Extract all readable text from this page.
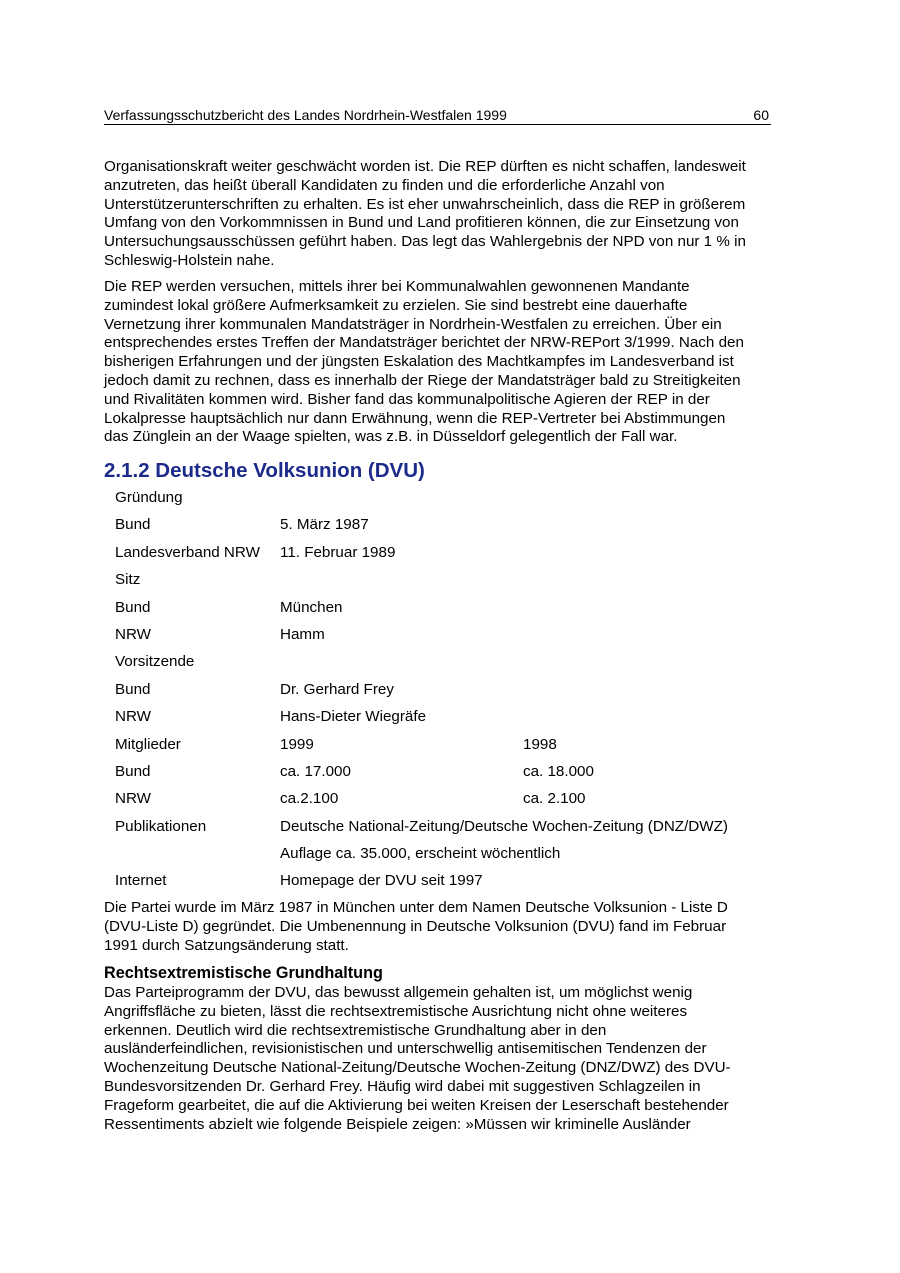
Verfassungsschutzbericht des Landes Nordrhein-Westfalen 1999	60
Organisationskraft weiter geschwächt worden ist. Die REP dürften es nicht schaffen, landesweit
anzutreten, das heißt überall Kandidaten zu finden und die erforderliche Anzahl von
Unterstützerunterschriften zu erhalten. Es ist eher unwahrscheinlich, dass die REP in größerem
Umfang von den Vorkommnissen in Bund und Land profitieren können, die zur Einsetzung von
Untersuchungsausschüssen geführt haben. Das legt das Wahlergebnis der NPD von nur 1 % in
Schleswig-Holstein nahe.
Die REP werden versuchen, mittels ihrer bei Kommunalwahlen gewonnenen Mandante
zumindest lokal größere Aufmerksamkeit zu erzielen. Sie sind bestrebt eine dauerhafte
Vernetzung ihrer kommunalen Mandatsträger in Nordrhein-Westfalen zu erreichen. Über ein
entsprechendes erstes Treffen der Mandatsträger berichtet der NRW-REPort 3/1999. Nach den
bisherigen Erfahrungen und der jüngsten Eskalation des Machtkampfes im Landesverband ist
jedoch damit zu rechnen, dass es innerhalb der Riege der Mandatsträger bald zu Streitigkeiten
und Rivalitäten kommen wird. Bisher fand das kommunalpolitische Agieren der REP in der
Lokalpresse hauptsächlich nur dann Erwähnung, wenn die REP-Vertreter bei Abstimmungen
das Zünglein an der Waage spielten, was z.B. in Düsseldorf gelegentlich der Fall war.
2.1.2 Deutsche Volksunion (DVU)
Gründung
Bund	5. März 1987
Landesverband NRW 11. Februar 1989
Sitz
Bund	München
NRW	Hamm
Vorsitzende
Bund	Dr. Gerhard Frey
NRW	Hans-Dieter Wiegräfe
Mitglieder	1999	1998
Bund	ca. 17.000	ca. 18.000
NRW	ca.2.100	ca. 2.100
Publikationen	Deutsche National-Zeitung/Deutsche Wochen-Zeitung (DNZ/DWZ)
Auflage ca. 35.000, erscheint wöchentlich
Internet	Homepage der DVU seit 1997
Die Partei wurde im März 1987 in München unter dem Namen Deutsche Volksunion - Liste D
(DVU-Liste D) gegründet. Die Umbenennung in Deutsche Volksunion (DVU) fand im Februar
1991 durch Satzungsänderung statt.
Rechtsextremistische Grundhaltung
Das Parteiprogramm der DVU, das bewusst allgemein gehalten ist, um möglichst wenig
Angriffsfläche zu bieten, lässt die rechtsextremistische Ausrichtung nicht ohne weiteres
erkennen. Deutlich wird die rechtsextremistische Grundhaltung aber in den
ausländerfeindlichen, revisionistischen und unterschwellig antisemitischen Tendenzen der
Wochenzeitung Deutsche National-Zeitung/Deutsche Wochen-Zeitung (DNZ/DWZ) des DVU-
Bundesvorsitzenden Dr. Gerhard Frey. Häufig wird dabei mit suggestiven Schlagzeilen in
Frageform gearbeitet, die auf die Aktivierung bei weiten Kreisen der Leserschaft bestehender
Ressentiments abzielt wie folgende Beispiele zeigen: »Müssen wir kriminelle Ausländer
